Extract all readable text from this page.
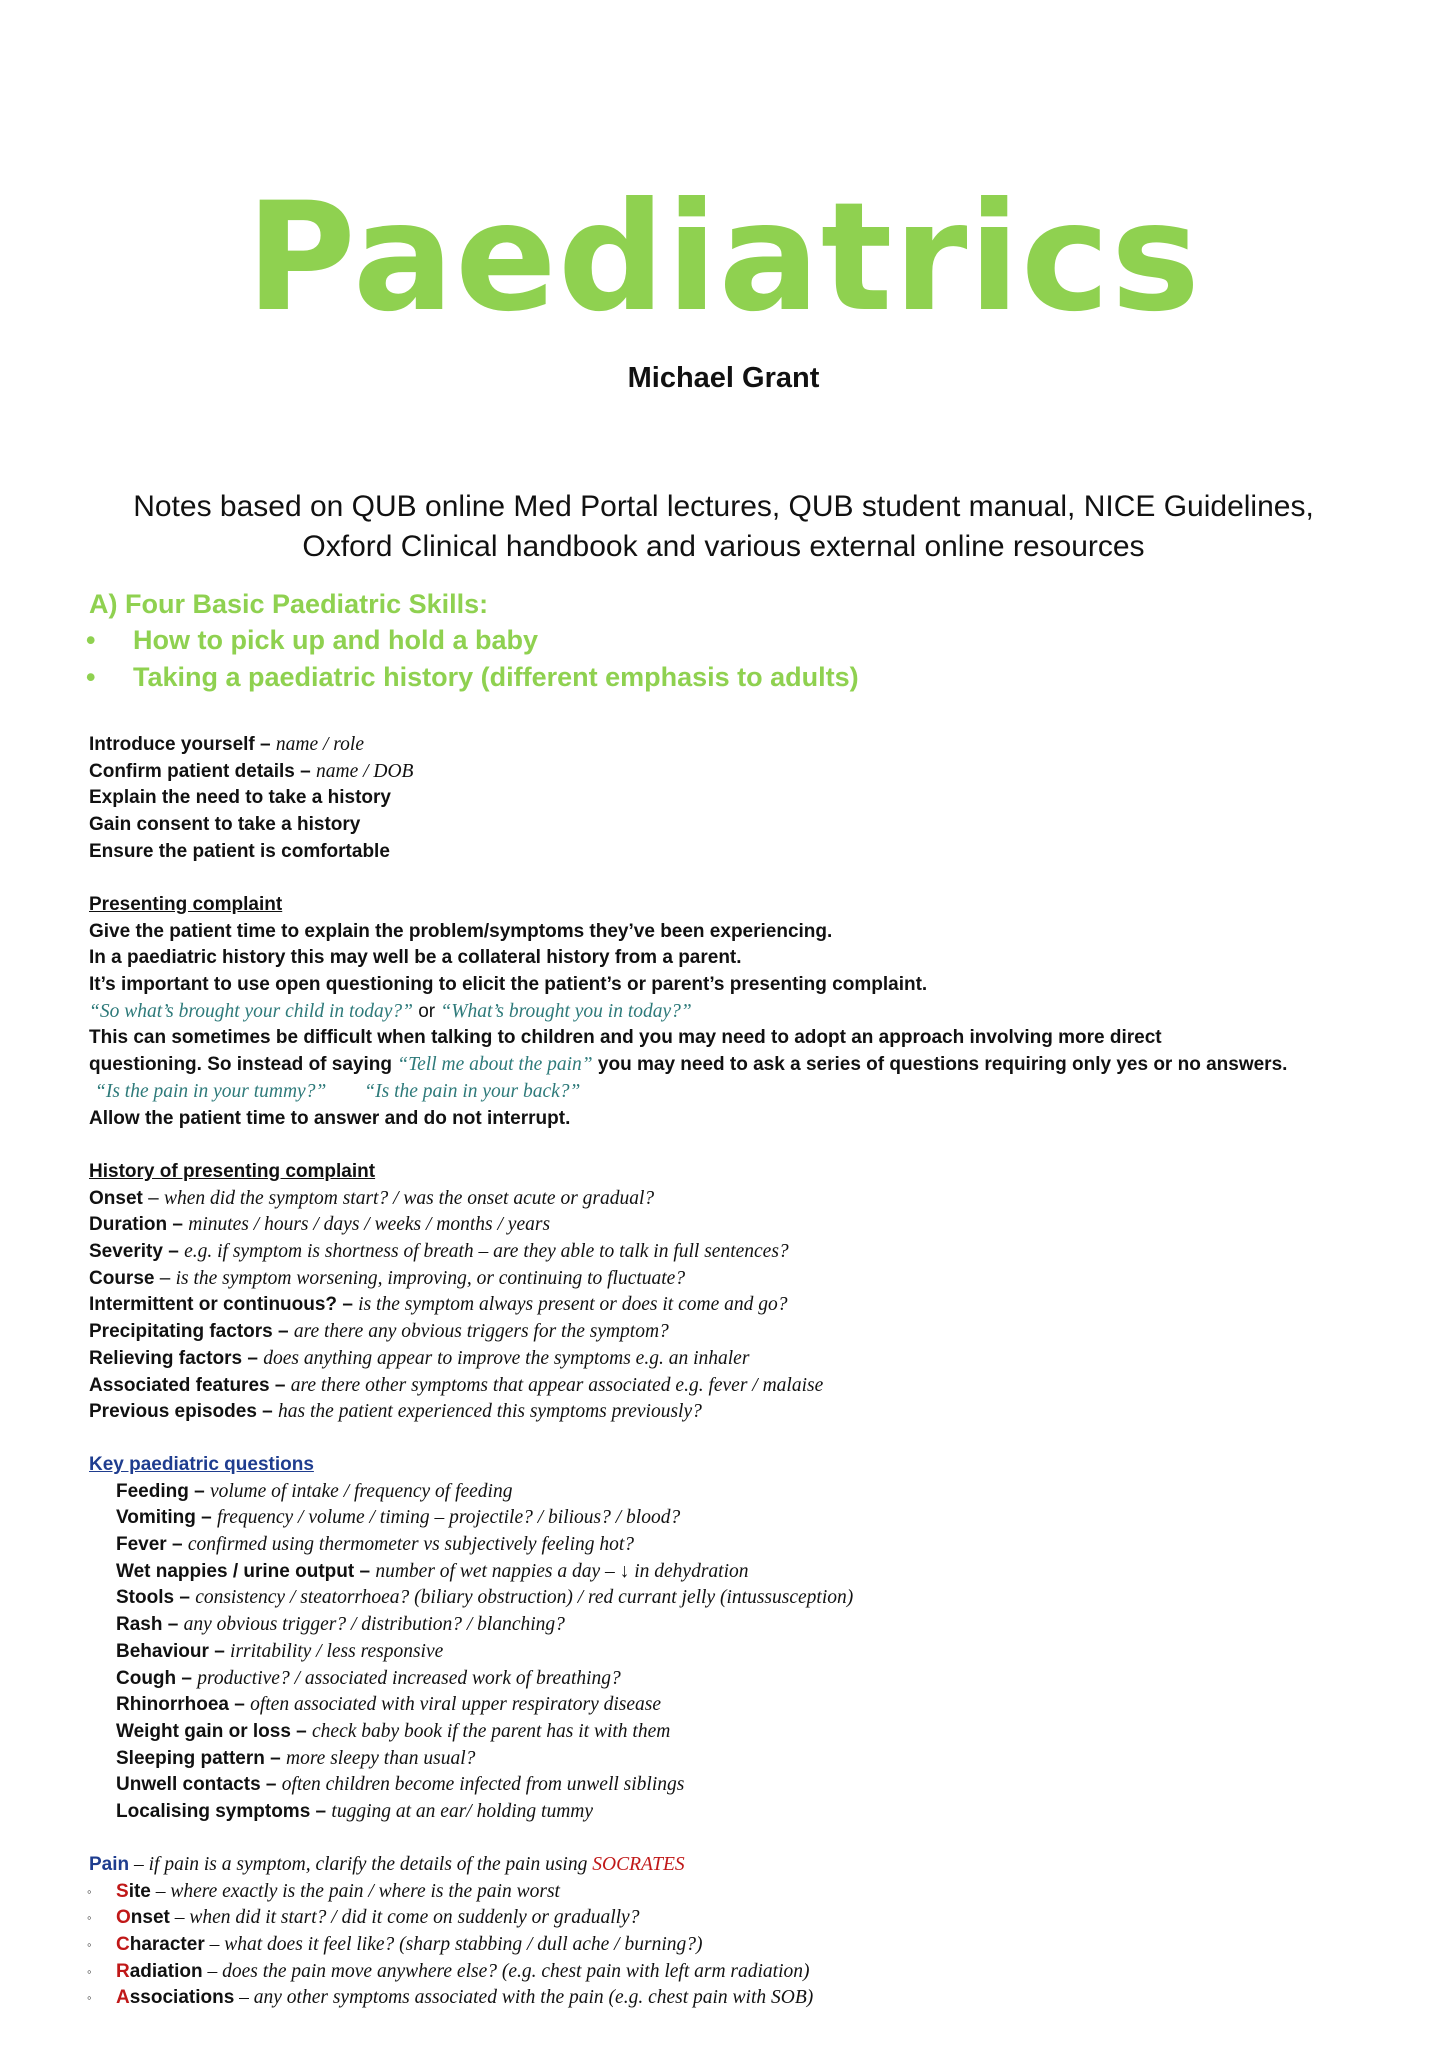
Paediatrics
Michael Grant
Notes based on QUB online Med Portal lectures, QUB student manual, NICE Guidelines,
Oxford Clinical handbook and various external online resources
A) Four Basic Paediatric Skills:
• How to pick up and hold a baby
• Taking a paediatric history (different emphasis to adults)
Introduce yourself – name / role
Confirm patient details – name / DOB
Explain the need to take a history
Gain consent to take a history
Ensure the patient is comfortable
Presenting complaint
Give the patient time to explain the problem/symptoms they’ve been experiencing.
In a paediatric history this may well be a collateral history from a parent.
It’s important to use open questioning to elicit the patient’s or parent’s presenting complaint.
“So what’s brought your child in today?” or “What’s brought you in today?”
This can sometimes be difficult when talking to children and you may need to adopt an approach involving more direct
questioning. So instead of saying “Tell me about the pain” you may need to ask a series of questions requiring only yes or no answers.
“Is the pain in your tummy?” “Is the pain in your back?”
Allow the patient time to answer and do not interrupt.
History of presenting complaint
Onset – when did the symptom start? / was the onset acute or gradual?
Duration – minutes / hours / days / weeks / months / years
Severity – e.g. if symptom is shortness of breath – are they able to talk in full sentences?
Course – is the symptom worsening, improving, or continuing to fluctuate?
Intermittent or continuous? – is the symptom always present or does it come and go?
Precipitating factors – are there any obvious triggers for the symptom?
Relieving factors – does anything appear to improve the symptoms e.g. an inhaler
Associated features – are there other symptoms that appear associated e.g. fever / malaise
Previous episodes – has the patient experienced this symptoms previously?
Key paediatric questions
Feeding – volume of intake / frequency of feeding
Vomiting – frequency / volume / timing – projectile? / bilious? / blood?
Fever – confirmed using thermometer vs subjectively feeling hot?
Wet nappies / urine output – number of wet nappies a day – ↓ in dehydration
Stools – consistency / steatorrhoea? (biliary obstruction) / red currant jelly (intussusception)
Rash – any obvious trigger? / distribution? / blanching?
Behaviour – irritability / less responsive
Cough – productive? / associated increased work of breathing?
Rhinorrhoea – often associated with viral upper respiratory disease
Weight gain or loss – check baby book if the parent has it with them
Sleeping pattern – more sleepy than usual?
Unwell contacts – often children become infected from unwell siblings
Localising symptoms – tugging at an ear/ holding tummy
Pain – if pain is a symptom, clarify the details of the pain using SOCRATES
◦ Site – where exactly is the pain / where is the pain worst
◦ Onset – when did it start? / did it come on suddenly or gradually?
◦ Character – what does it feel like? (sharp stabbing / dull ache / burning?)
◦ Radiation – does the pain move anywhere else? (e.g. chest pain with left arm radiation)
◦ Associations – any other symptoms associated with the pain (e.g. chest pain with SOB)
